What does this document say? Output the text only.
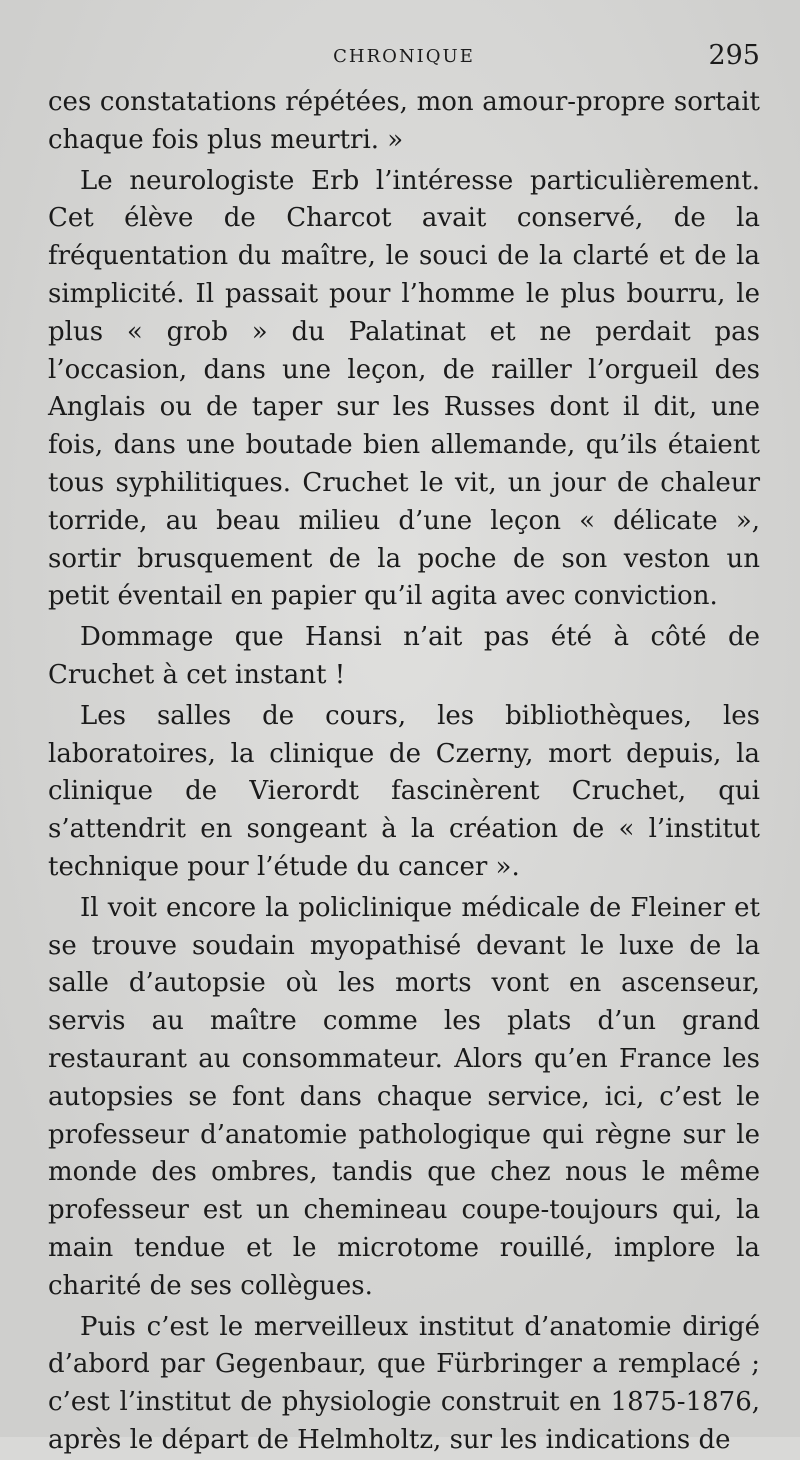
CHRONIQUE	295

ces constatations répétées, mon amour-propre sortait chaque fois plus meurtri. »

Le neurologiste Erb l’intéresse particulièrement. Cet élève de Charcot avait conservé, de la fréquentation du maître, le souci de la clarté et de la simplicité. Il passait pour l’homme le plus bourru, le plus « grob » du Palatinat et ne perdait pas l’occasion, dans une leçon, de railler l’orgueil des Anglais ou de taper sur les Russes dont il dit, une fois, dans une boutade bien allemande, qu’ils étaient tous syphilitiques. Cruchet le vit, un jour de chaleur torride, au beau milieu d’une leçon « délicate », sortir brusquement de la poche de son veston un petit éventail en papier qu’il agita avec conviction.

Dommage que Hansi n’ait pas été à côté de Cruchet à cet instant !

Les salles de cours, les bibliothèques, les laboratoires, la clinique de Czerny, mort depuis, la clinique de Vierordt fascinèrent Cruchet, qui s’attendrit en songeant à la création de « l’institut technique pour l’étude du cancer ».

Il voit encore la policlinique médicale de Fleiner et se trouve soudain myopathisé devant le luxe de la salle d’autopsie où les morts vont en ascenseur, servis au maître comme les plats d’un grand restaurant au consommateur. Alors qu’en France les autopsies se font dans chaque service, ici, c’est le professeur d’anatomie pathologique qui règne sur le monde des ombres, tandis que chez nous le même professeur est un chemineau coupe-toujours qui, la main tendue et le microtome rouillé, implore la charité de ses collègues.

Puis c’est le merveilleux institut d’anatomie dirigé d’abord par Gegenbaur, que Fürbringer a remplacé ; c’est l’institut de physiologie construit en 1875-1876, après le départ de Helmholtz, sur les indications de
